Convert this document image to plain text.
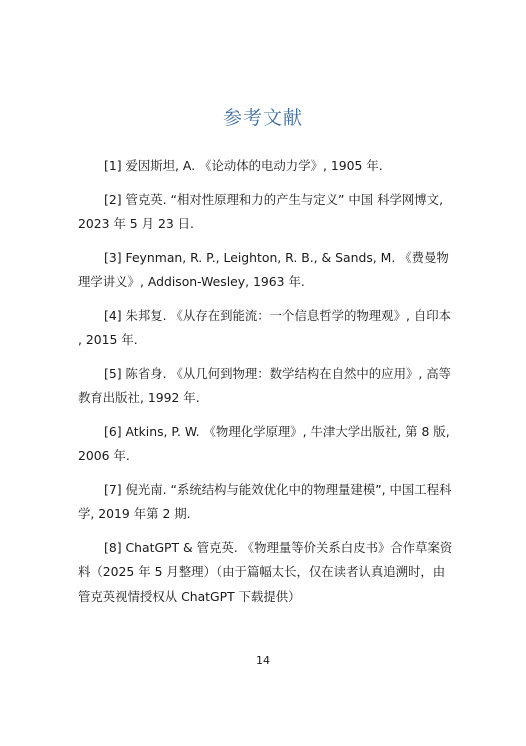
参考文献

[1] 爱因斯坦, A. 《论动体的电动力学》, 1905 年.

[2] 管克英. “相对性原理和力的产生与定义” 中国 科学网博文, 2023 年 5 月 23 日.

[3] Feynman, R. P., Leighton, R. B., & Sands, M. 《费曼物理学讲义》, Addison-Wesley, 1963 年.

[4] 朱邦复. 《从存在到能流：一个信息哲学的物理观》, 自印本 , 2015 年.

[5] 陈省身. 《从几何到物理：数学结构在自然中的应用》, 高等教育出版社, 1992 年.

[6] Atkins, P. W. 《物理化学原理》, 牛津大学出版社, 第 8 版, 2006 年.

[7] 倪光南. “系统结构与能效优化中的物理量建模”, 中国工程科学, 2019 年第 2 期.

[8] ChatGPT & 管克英. 《物理量等价关系白皮书》合作草案资料（2025 年 5 月整理）（由于篇幅太长，仅在读者认真追溯时，由管克英视情授权从 ChatGPT 下载提供）

14
